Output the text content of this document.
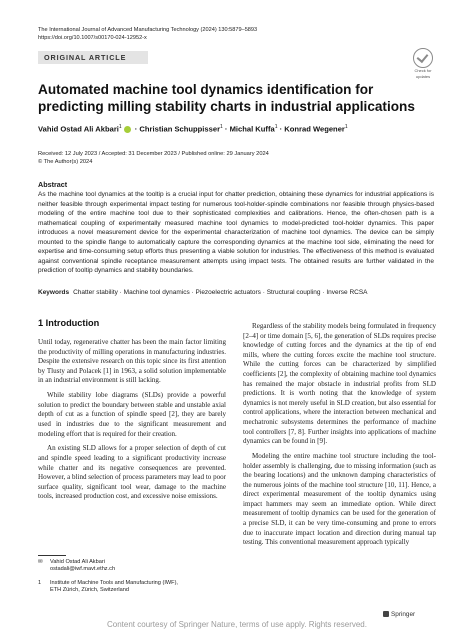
The International Journal of Advanced Manufacturing Technology (2024) 130:5879–5893
https://doi.org/10.1007/s00170-024-12952-x
ORIGINAL ARTICLE
Check for
updates
Automated machine tool dynamics identification for predicting milling stability charts in industrial applications
Vahid Ostad Ali Akbari$^1$ · Christian Schuppisser$^1$ · Michal Kuffa$^1$ · Konrad Wegener$^1$
Received: 12 July 2023 / Accepted: 31 December 2023 / Published online: 29 January 2024
© The Author(s) 2024
Abstract
As the machine tool dynamics at the tooltip is a crucial input for chatter prediction, obtaining these dynamics for industrial applications is neither feasible through experimental impact testing for numerous tool-holder-spindle combinations nor feasible through physics-based modeling of the entire machine tool due to their sophisticated complexities and calibrations. Hence, the often-chosen path is a mathematical coupling of experimentally measured machine tool dynamics to model-predicted tool-holder dynamics. This paper introduces a novel measurement device for the experimental characterization of machine tool dynamics. The device can be simply mounted to the spindle flange to automatically capture the corresponding dynamics at the machine tool side, eliminating the need for expertise and time-consuming setup efforts thus presenting a viable solution for industries. The effectiveness of this method is evaluated against conventional spindle receptance measurement attempts using impact tests. The obtained results are further validated in the prediction of tooltip dynamics and stability boundaries.
Keywords Chatter stability · Machine tool dynamics · Piezoelectric actuators · Structural coupling · Inverse RCSA
1 Introduction

Until today, regenerative chatter has been the main factor limiting the productivity of milling operations in manufacturing industries. Despite the extensive research on this topic since its first attention by Tlusty and Polacek [1] in 1963, a solid solution implementable in an industrial environment is still lacking.

While stability lobe diagrams (SLDs) provide a powerful solution to predict the boundary between stable and unstable axial depth of cut as a function of spindle speed [2], they are barely used in industries due to the significant measurement and modeling effort that is required for their creation.

An existing SLD allows for a proper selection of depth of cut and spindle speed leading to a significant productivity increase while chatter and its negative consequences are prevented. However, a blind selection of process parameters may lead to poor surface quality, significant tool wear, damage to the machine tools, increased production cost, and excessive noise emissions.

Regardless of the stability models being formulated in frequency [2–4] or time domain [5, 6], the generation of SLDs requires precise knowledge of cutting forces and the dynamics at the tip of end mills, where the cutting forces excite the machine tool structure. While the cutting forces can be characterized by simplified coefficients [2], the complexity of obtaining machine tool dynamics has remained the major obstacle in industrial profits from SLD predictions. It is worth noting that the knowledge of system dynamics is not merely useful in SLD creation, but also essential for control applications, where the interaction between mechanical and mechatronic subsystems determines the performance of machine tool controllers [7, 8]. Further insights into applications of machine dynamics can be found in [9].

Modeling the entire machine tool structure including the tool-holder assembly is challenging, due to missing information (such as the bearing locations) and the unknown damping characteristics of the numerous joints of the machine tool structure [10, 11]. Hence, a direct experimental measurement of the tooltip dynamics using impact hammers may seem an immediate option. While direct measurement of tooltip dynamics can be used for the generation of a precise SLD, it can be very time-consuming and prone to errors due to inaccurate impact location and direction during manual tap testing. This conventional measurement approach typically

✉ Vahid Ostad Ali Akbari
ostadali@iwf.mavt.ethz.ch
1 Institute of Machine Tools and Manufacturing (IWF),
ETH Zürich, Zürich, Switzerland
Springer
Content courtesy of Springer Nature, terms of use apply. Rights reserved.
